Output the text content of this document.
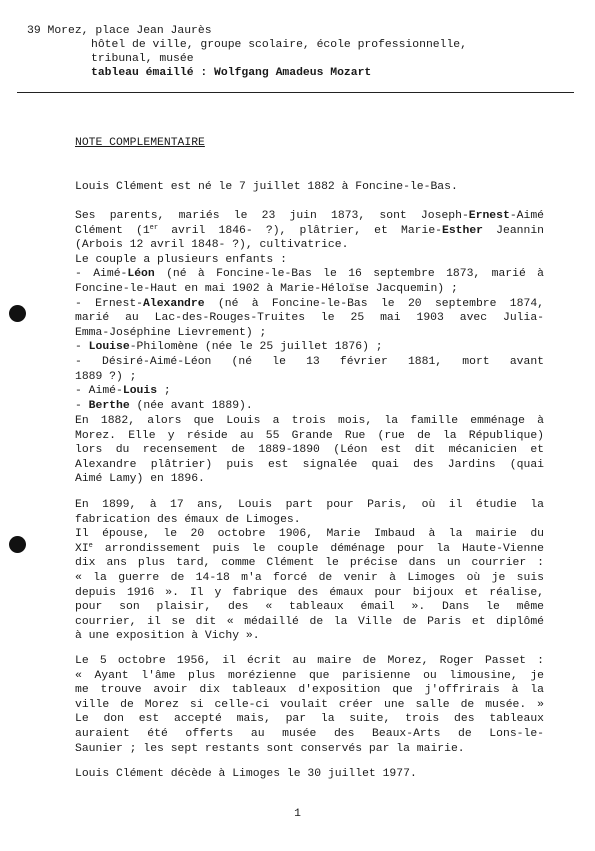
39 Morez, place Jean Jaurès
hôtel de ville, groupe scolaire, école professionnelle,
tribunal, musée
tableau émaillé : Wolfgang Amadeus Mozart
NOTE COMPLEMENTAIRE
Louis Clément est né le 7 juillet 1882 à Foncine-le-Bas.
Ses parents, mariés le 23 juin 1873, sont Joseph-Ernest-Aimé
Clément (1er avril 1846- ?), plâtrier, et Marie-Esther Jeannin
(Arbois 12 avril 1848- ?), cultivatrice.
Le couple a plusieurs enfants :
- Aimé-Léon (né à Foncine-le-Bas le 16 septembre 1873, marié à
Foncine-le-Haut en mai 1902 à Marie-Héloïse Jacquemin) ;
- Ernest-Alexandre (né à Foncine-le-Bas le 20 septembre 1874,
marié au Lac-des-Rouges-Truites le 25 mai 1903 avec Julia-
Emma-Joséphine Lievrement) ;
- Louise-Philomène (née le 25 juillet 1876) ;
- Désiré-Aimé-Léon (né le 13 février 1881, mort avant
1889 ?) ;
- Aimé-Louis ;
- Berthe (née avant 1889).
En 1882, alors que Louis a trois mois, la famille emménage à
Morez. Elle y réside au 55 Grande Rue (rue de la République)
lors du recensement de 1889-1890 (Léon est dit mécanicien et
Alexandre plâtrier) puis est signalée quai des Jardins (quai
Aimé Lamy) en 1896.
En 1899, à 17 ans, Louis part pour Paris, où il étudie la
fabrication des émaux de Limoges.
Il épouse, le 20 octobre 1906, Marie Imbaud à la mairie du
XIe arrondissement puis le couple déménage pour la Haute-Vienne
dix ans plus tard, comme Clément le précise dans un courrier :
« la guerre de 14-18 m'a forcé de venir à Limoges où je suis
depuis 1916 ». Il y fabrique des émaux pour bijoux et réalise,
pour son plaisir, des « tableaux émail ». Dans le même
courrier, il se dit « médaillé de la Ville de Paris et diplômé
à une exposition à Vichy ».
Le 5 octobre 1956, il écrit au maire de Morez, Roger Passet :
« Ayant l'âme plus morézienne que parisienne ou limousine, je
me trouve avoir dix tableaux d'exposition que j'offrirais à la
ville de Morez si celle-ci voulait créer une salle de musée. »
Le don est accepté mais, par la suite, trois des tableaux
auraient été offerts au musée des Beaux-Arts de Lons-le-
Saunier ; les sept restants sont conservés par la mairie.
Louis Clément décède à Limoges le 30 juillet 1977.
1
